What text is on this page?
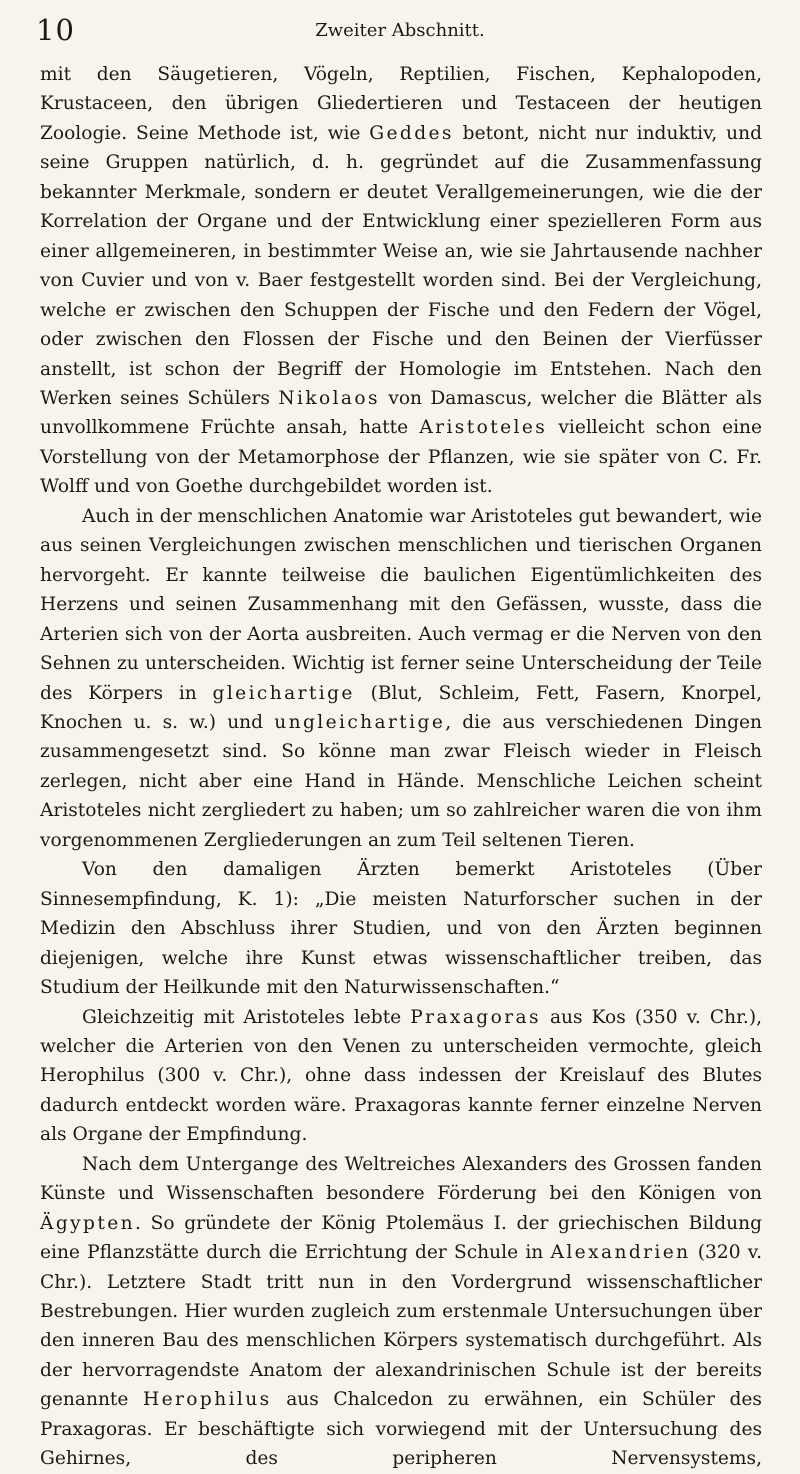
10	Zweiter Abschnitt.

mit den Säugetieren, Vögeln, Reptilien, Fischen, Kephalopoden, Krustaceen, den übrigen Gliedertieren und Testaceen der heutigen Zoologie. Seine Methode ist, wie Geddes betont, nicht nur induktiv, und seine Gruppen natürlich, d. h. gegründet auf die Zusammenfassung bekannter Merkmale, sondern er deutet Verallgemeinerungen, wie die der Korrelation der Organe und der Entwicklung einer spezielleren Form aus einer allgemeineren, in bestimmter Weise an, wie sie Jahrtausende nachher von Cuvier und von v. Baer festgestellt worden sind. Bei der Vergleichung, welche er zwischen den Schuppen der Fische und den Federn der Vögel, oder zwischen den Flossen der Fische und den Beinen der Vierfüsser anstellt, ist schon der Begriff der Homologie im Entstehen. Nach den Werken seines Schülers Nikolaos von Damascus, welcher die Blätter als unvollkommene Früchte ansah, hatte Aristoteles vielleicht schon eine Vorstellung von der Metamorphose der Pflanzen, wie sie später von C. Fr. Wolff und von Goethe durchgebildet worden ist.

Auch in der menschlichen Anatomie war Aristoteles gut bewandert, wie aus seinen Vergleichungen zwischen menschlichen und tierischen Organen hervorgeht. Er kannte teilweise die baulichen Eigentümlichkeiten des Herzens und seinen Zusammenhang mit den Gefässen, wusste, dass die Arterien sich von der Aorta ausbreiten. Auch vermag er die Nerven von den Sehnen zu unterscheiden. Wichtig ist ferner seine Unterscheidung der Teile des Körpers in gleichartige (Blut, Schleim, Fett, Fasern, Knorpel, Knochen u. s. w.) und ungleichartige, die aus verschiedenen Dingen zusammengesetzt sind. So könne man zwar Fleisch wieder in Fleisch zerlegen, nicht aber eine Hand in Hände. Menschliche Leichen scheint Aristoteles nicht zergliedert zu haben; um so zahlreicher waren die von ihm vorgenommenen Zergliederungen an zum Teil seltenen Tieren.

Von den damaligen Ärzten bemerkt Aristoteles (Über Sinnesempfindung, K. 1): „Die meisten Naturforscher suchen in der Medizin den Abschluss ihrer Studien, und von den Ärzten beginnen diejenigen, welche ihre Kunst etwas wissenschaftlicher treiben, das Studium der Heilkunde mit den Naturwissenschaften.“

Gleichzeitig mit Aristoteles lebte Praxagoras aus Kos (350 v. Chr.), welcher die Arterien von den Venen zu unterscheiden vermochte, gleich Herophilus (300 v. Chr.), ohne dass indessen der Kreislauf des Blutes dadurch entdeckt worden wäre. Praxagoras kannte ferner einzelne Nerven als Organe der Empfindung.

Nach dem Untergange des Weltreiches Alexanders des Grossen fanden Künste und Wissenschaften besondere Förderung bei den Königen von Ägypten. So gründete der König Ptolemäus I. der griechischen Bildung eine Pflanzstätte durch die Errichtung der Schule in Alexandrien (320 v. Chr.). Letztere Stadt tritt nun in den Vordergrund wissenschaftlicher Bestrebungen. Hier wurden zugleich zum erstenmale Untersuchungen über den inneren Bau des menschlichen Körpers systematisch durchgeführt. Als der hervorragendste Anatom der alexandrinischen Schule ist der bereits genannte Herophilus aus Chalcedon zu erwähnen, ein Schüler des Praxagoras. Er beschäftigte sich vorwiegend mit der Untersuchung des Gehirnes, des peripheren Nervensystems,
